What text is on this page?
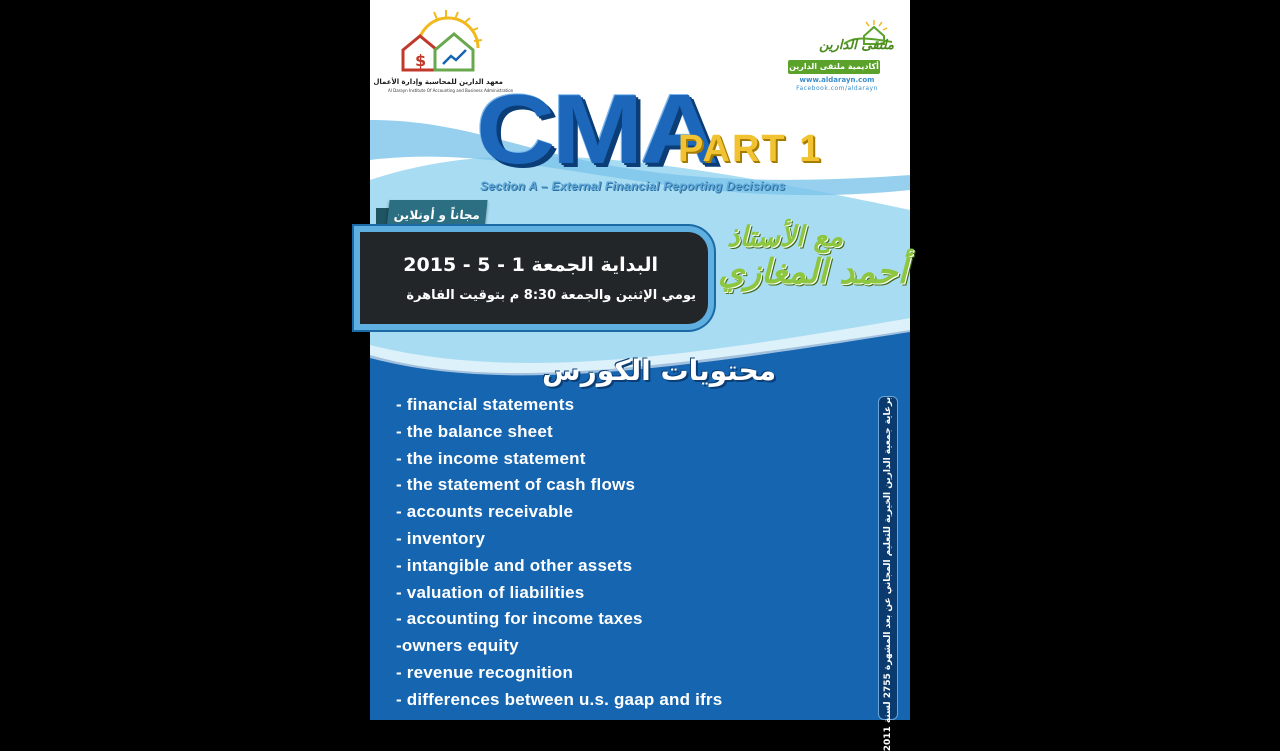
$
معهد الدارين للمحاسبة وإدارة الأعمال
Al Darayn Institute Of Accounting and Business Administration
ملتقى الدارين
أكاديمية ملتقى الدارين
www.aldarayn.com
Facebook.com/aldarayn
CMA
PART 1
Section A – External Financial Reporting Decisions
مجاناً و أونلاين
البداية الجمعة 1 - 5 - 2015
يومي الإثنين والجمعة 8:30 م بتوقيت القاهرة
مع الأستاذ
أحمد المغازي
محتويات الكورس
- financial statements
- the balance sheet
- the income statement
- the statement of cash flows
- accounts receivable
- inventory
- intangible and other assets
- valuation of liabilities
- accounting for income taxes
-owners equity
- revenue recognition
- differences between u.s. gaap and ifrs
برعاية جمعية الدارين الخيرية للتعليم المجاني عن بعد المشهرة 2755 لسنة 2011
